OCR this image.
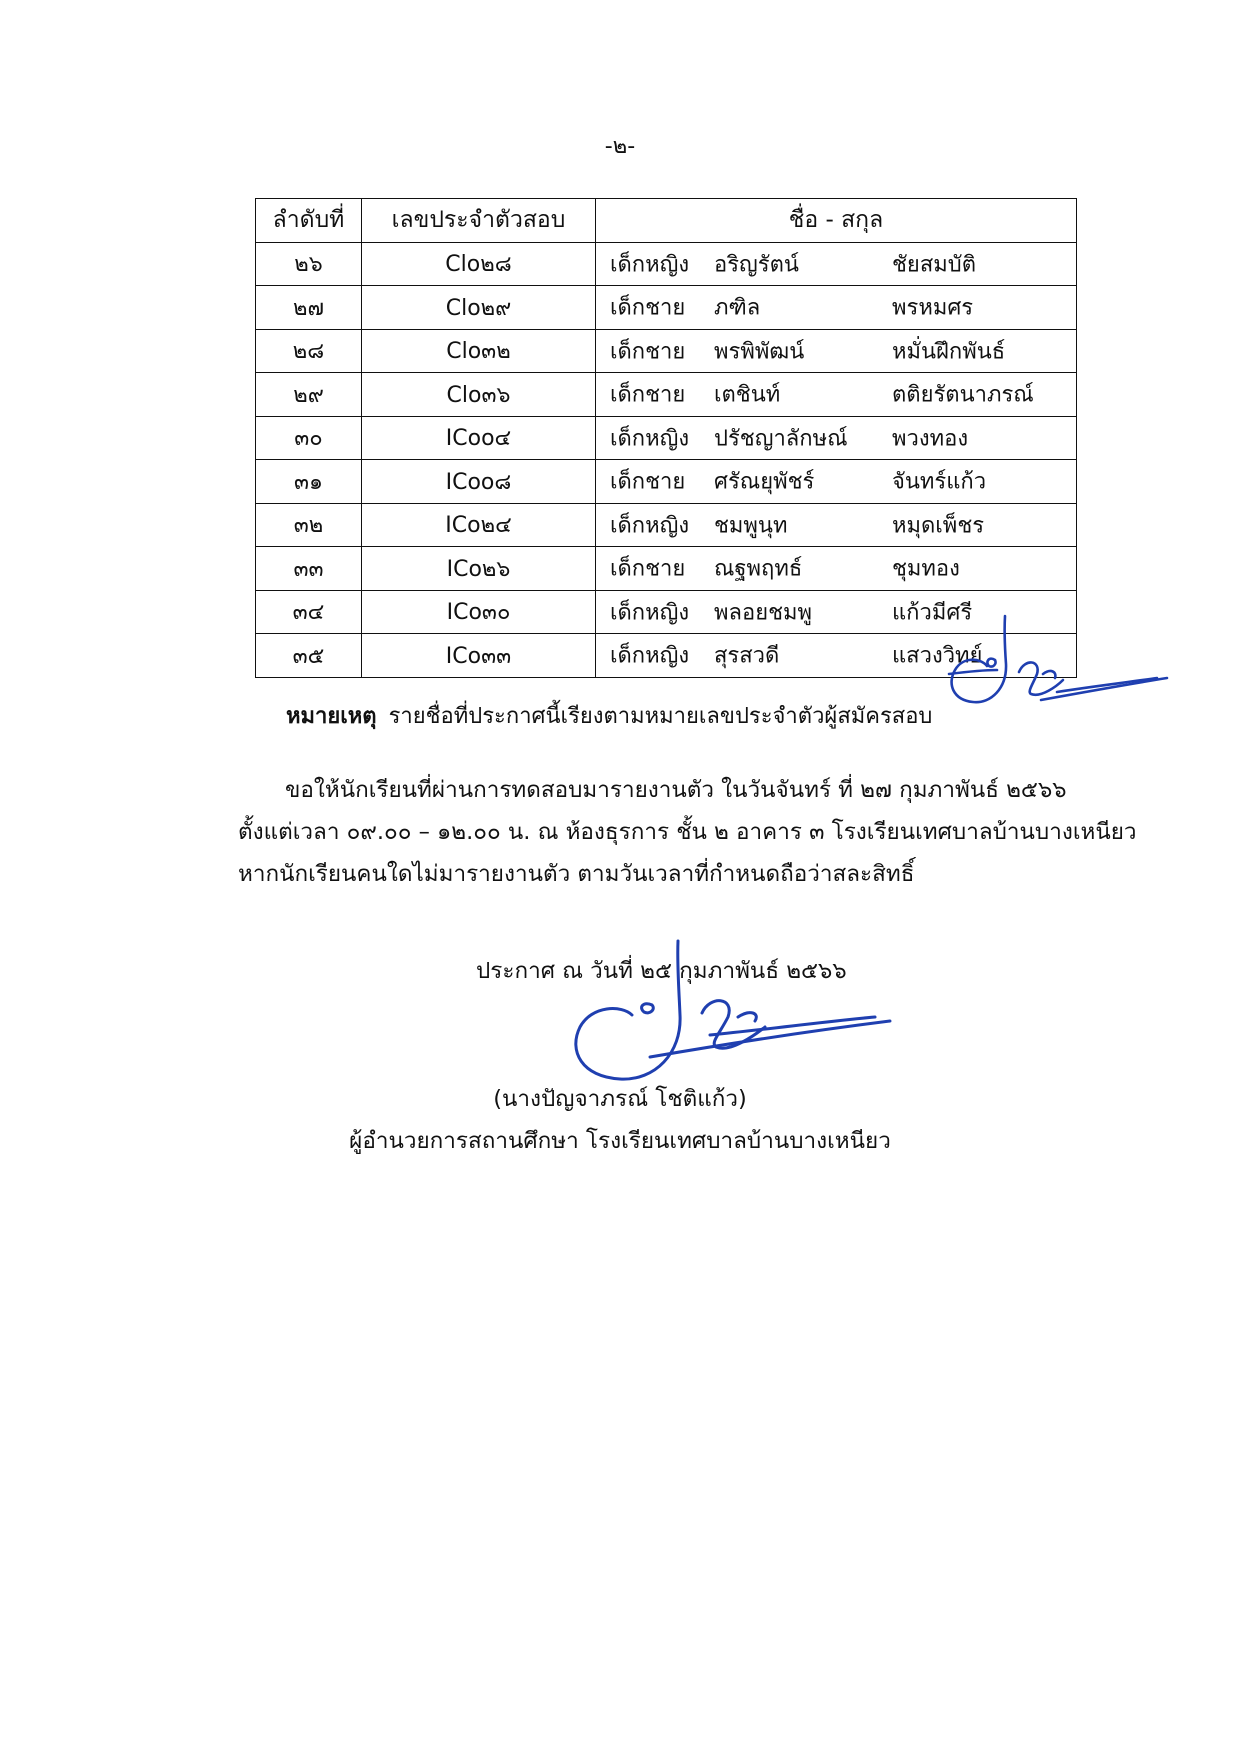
-๒-
ลำดับที่	เลขประจำตัวสอบ	ชื่อ - สกุล
๒๖	Clo๒๘	เด็กหญิง อริญรัตน์ ชัยสมบัติ

๒๗	Clo๒๙	เด็กชาย ภฑิล พรหมศร

๒๘	Clo๓๒	เด็กชาย พรพิพัฒน์ หมั่นฝึกพันธ์

๒๙	Clo๓๖	เด็กชาย เตชินท์ ตติยรัตนาภรณ์

๓๐	ICoo๔	เด็กหญิง ปรัชญาลักษณ์ พวงทอง

๓๑	ICoo๘	เด็กชาย ศรัณยุพัชร์ จันทร์แก้ว

๓๒	ICo๒๔	เด็กหญิง ชมพูนุท หมุดเพ็ชร

๓๓	ICo๒๖	เด็กชาย ณฐพฤทธ์ ชุมทอง

๓๔	ICo๓๐	เด็กหญิง พลอยชมพู แก้วมีศรี

๓๕	ICo๓๓	เด็กหญิง สุรสวดี แสวงวิทย์
หมายเหตุ รายชื่อที่ประกาศนี้เรียงตามหมายเลขประจำตัวผู้สมัครสอบ
ขอให้นักเรียนที่ผ่านการทดสอบมารายงานตัว ในวันจันทร์ ที่ ๒๗ กุมภาพันธ์ ๒๕๖๖
ตั้งแต่เวลา ๐๙.๐๐ – ๑๒.๐๐ น. ณ ห้องธุรการ ชั้น ๒ อาคาร ๓ โรงเรียนเทศบาลบ้านบางเหนียว
หากนักเรียนคนใดไม่มารายงานตัว ตามวันเวลาที่กำหนดถือว่าสละสิทธิ์
ประกาศ ณ วันที่ ๒๕ กุมภาพันธ์ ๒๕๖๖
(นางปัญจาภรณ์ โชติแก้ว)
ผู้อำนวยการสถานศึกษา โรงเรียนเทศบาลบ้านบางเหนียว
